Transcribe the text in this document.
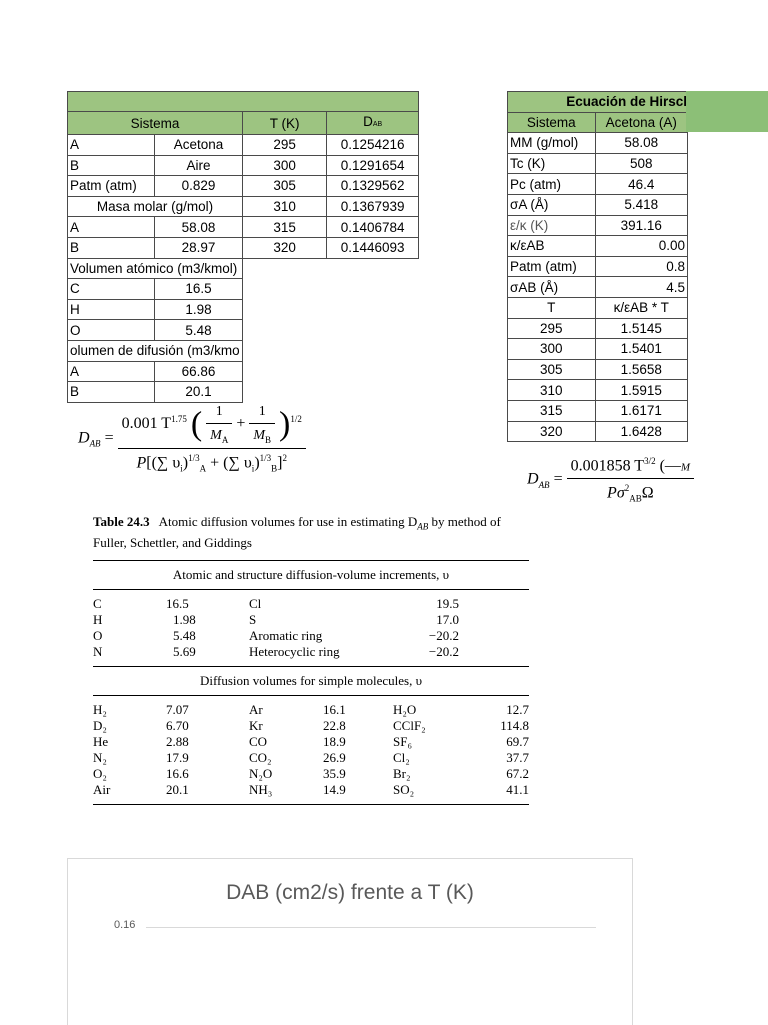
Sistema		T (K)	DAB
A	Acetona	295	0.1254216
B	Aire	300	0.1291654
Patm (atm)	0.829	305	0.1329562
Masa molar (g/mol)		310	0.1367939
A	58.08	315	0.1406784
B	28.97	320	0.1446093
Volumen atómico (m3/kmol)			
C	16.5		
H	1.98		
O	5.48		
olumen de difusión (m3/kmo			
A	66.86		
B	20.1		
Ecuación de Hirscl	
Sistema	Acetona (A)
MM (g/mol)	58.08
Tc (K)	508
Pc (atm)	46.4
σA (Å)	5.418
ε/κ (K)	391.16
κ/εAB	0.00
Patm (atm)	0.8
σAB (Å)	4.5
T	κ/εAB * T
295	1.5145
300	1.5401
305	1.5658
310	1.5915
315	1.6171
320	1.6428
$D_{AB} = \frac{0.001 T^{1.75} ( \frac{1}{M_A} + \frac{1}{M_B} )^{1/2}}{P[(\sum \upsilon_i)^{1/3}_A + (\sum \upsilon_i)^{1/3}_B]^2}$
$D_{AB} = \frac{0.001858 T^{3/2} (—M}{P\sigma^2_{AB}\Omega}$
Table 24.3 Atomic diffusion volumes for use in estimating $D_{AB}$ by method of Fuller, Schettler, and Giddings
Atomic and structure diffusion-volume increments, υ
C	16.5	Cl	19.5	
H	1.98	S	17.0	
O	5.48	Aromatic ring	−20.2	
N	5.69	Heterocyclic ring	−20.2	
Diffusion volumes for simple molecules, υ
H₂	7.07	Ar	16.1	H₂O	12.7
D₂	6.70	Kr	22.8	CClF₂	114.8
He	2.88	CO	18.9	SF₆	69.7
N₂	17.9	CO₂	26.9	Cl₂	37.7
O₂	16.6	N₂O	35.9	Br₂	67.2
Air	20.1	NH₃	14.9	SO₂	41.1
DAB (cm2/s) frente a T (K)
0.16
